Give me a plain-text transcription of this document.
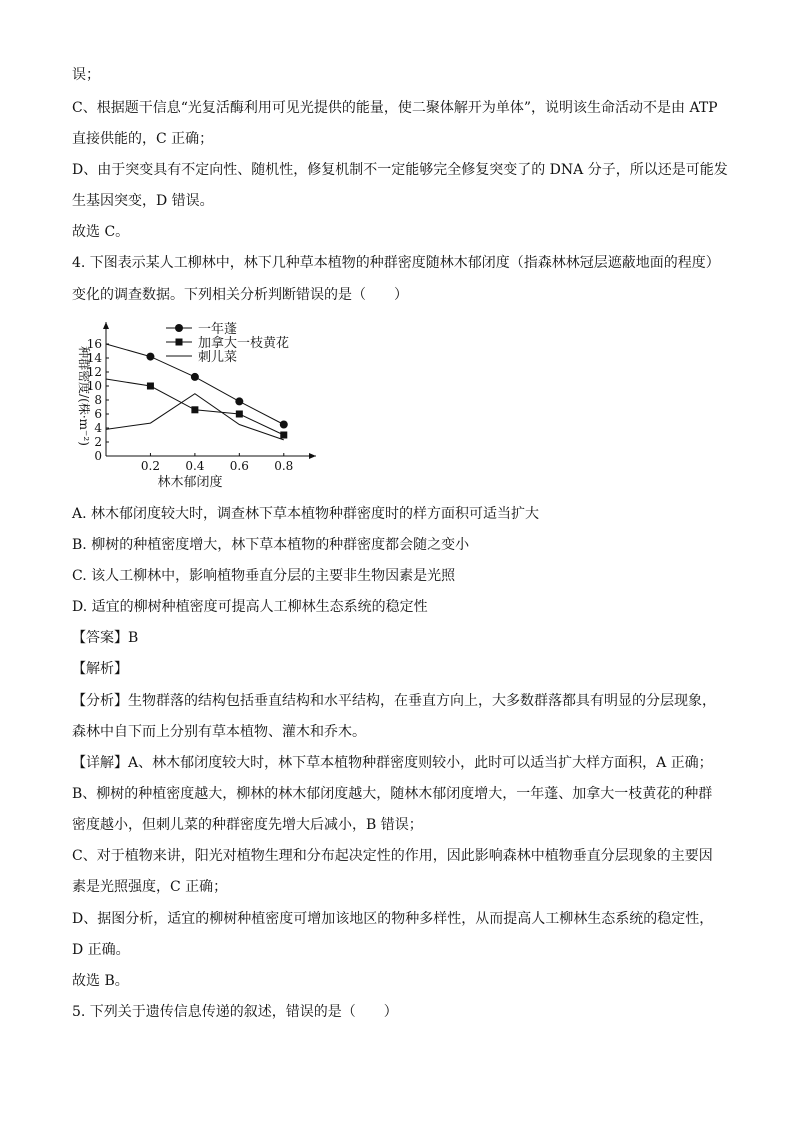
误；
C、根据题干信息“光复活酶利用可见光提供的能量，使二聚体解开为单体”，说明该生命活动不是由 ATP
直接供能的，C 正确；
D、由于突变具有不定向性、随机性，修复机制不一定能够完全修复突变了的 DNA 分子，所以还是可能发
生基因突变，D 错误。
故选 C。
4. 下图表示某人工柳林中，林下几种草本植物的种群密度随林木郁闭度（指森林林冠层遮蔽地面的程度）
变化的调查数据。下列相关分析判断错误的是（　　）
0
2
4
6
8
10
12
14
16
0.2 0.4 0.6 0.8
一年蓬
加拿大一枝黄花
刺儿菜
种群密度/(株·m⁻²)
林木郁闭度
A. 林木郁闭度较大时，调查林下草本植物种群密度时的样方面积可适当扩大
B. 柳树的种植密度增大，林下草本植物的种群密度都会随之变小
C. 该人工柳林中，影响植物垂直分层的主要非生物因素是光照
D. 适宜的柳树种植密度可提高人工柳林生态系统的稳定性
【答案】B
【解析】
【分析】生物群落的结构包括垂直结构和水平结构，在垂直方向上，大多数群落都具有明显的分层现象，
森林中自下而上分别有草本植物、灌木和乔木。
【详解】A、林木郁闭度较大时，林下草本植物种群密度则较小，此时可以适当扩大样方面积，A 正确；
B、柳树的种植密度越大，柳林的林木郁闭度越大，随林木郁闭度增大，一年蓬、加拿大一枝黄花的种群
密度越小，但刺儿菜的种群密度先增大后减小，B 错误；
C、对于植物来讲，阳光对植物生理和分布起决定性的作用，因此影响森林中植物垂直分层现象的主要因
素是光照强度，C 正确；
D、据图分析，适宜的柳树种植密度可增加该地区的物种多样性，从而提高人工柳林生态系统的稳定性，
D 正确。
故选 B。
5. 下列关于遗传信息传递的叙述，错误的是（　　）
